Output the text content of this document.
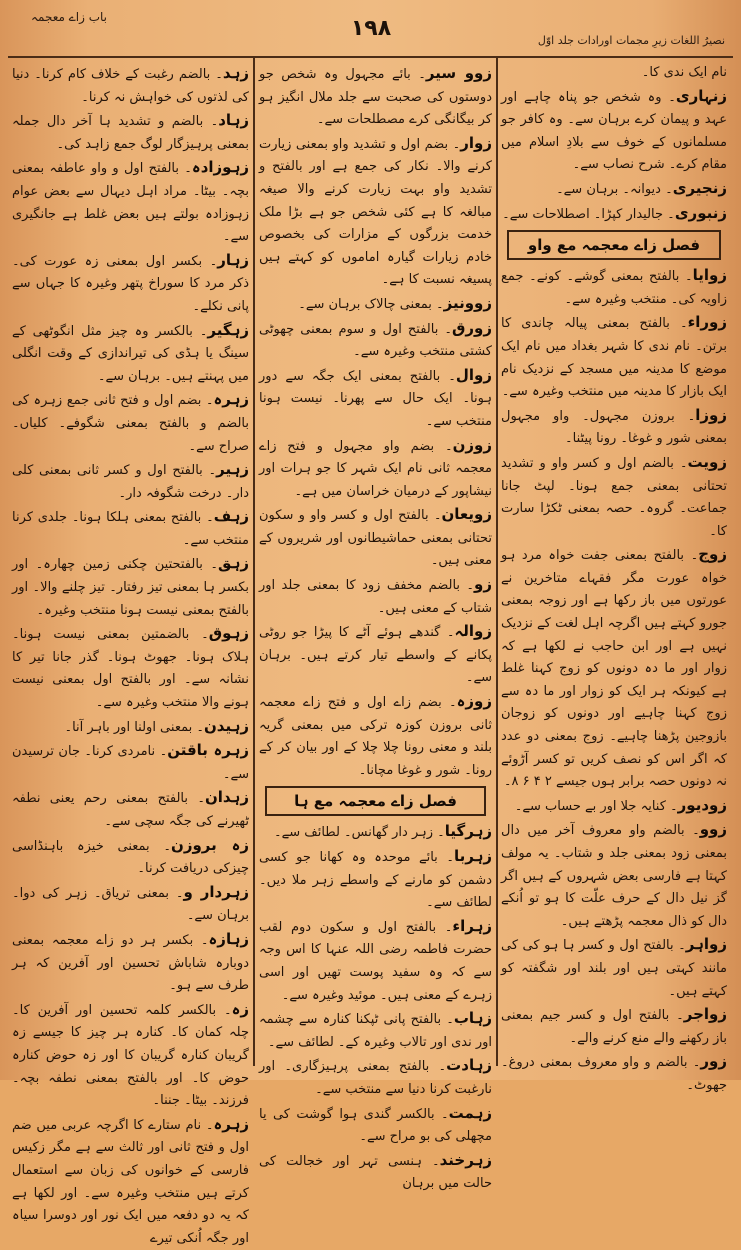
باب زاے معجمہ	۱۹۸	نصیرُ اللغات زیرِ مجمات اورادات جلد اوّل

نام ایک ندی کا۔

زنہاری۔ وہ شخص جو پناہ چاہے اور عہد و پیمان کرے برہان سے۔ وہ کافر جو مسلمانوں کے خوف سے بلادِ اسلام میں مقام کرے۔ شرح نصاب سے۔

زنجیری۔ دیوانہ۔ برہان سے۔

زنبوری۔ جالیدار کپڑا۔ اصطلاحات سے۔

فصل زاے معجمہ مع واو

زوایا۔ بالفتح بمعنی گوشے۔ کونے۔ جمع زاویہ کی۔ منتخب وغیرہ سے۔

زوراء۔ بالفتح بمعنی پیالہ چاندی کا برتن۔ نام ندی کا شہر بغداد میں نام ایک موضع کا مدینہ میں مسجد کے نزدیک نام ایک بازار کا مدینہ میں منتخب وغیرہ سے۔

زوزا۔ بروزن مجہول۔ واو مجہول بمعنی شور و غوغا۔ رونا پیٹنا۔

زویت۔ بالضم اول و کسر واو و تشدید تحتانی بمعنی جمع ہونا۔ لپٹ جانا جماعت۔ گروہ۔ حصہ بمعنی ٹکڑا سارت کا۔

زوج۔ بالفتح بمعنی جفت خواہ مرد ہو خواہ عورت مگر فقہاے متاخرین نے عورتوں میں باز رکھا ہے اور زوجہ بمعنی جورو کہتے ہیں اگرچہ اہل لغت کے نزدیک نہیں ہے اور ابن حاجب نے لکھا ہے کہ زوار اور ما دہ دونوں کو زوج کہنا غلط ہے کیونکہ ہر ایک کو زوار اور ما دہ سے زوج کہنا چاہیے اور دونوں کو زوجان بازوجین پڑھنا چاہیے۔ زوج بمعنی دو عدد کہ اگر اس کو نصف کریں تو کسر آڑوئے نہ دونوں حصہ برابر ہوں جیسے ۲ ۴ ۶ ۸۔

زودیور۔ کنایہ جلا اور بے حساب سے۔

زوو۔ بالضم واو معروف آخر میں دال بمعنی زود بمعنی جلد و شتاب۔ یہ مولف کہتا ہے فارسی بعض شہروں کے ہیں اگر گز نیل دال کے حرف علّت کا ہو تو اُنکے دال کو ذال معجمہ پڑھتے ہیں۔

زواہر۔ بالفتح اول و کسر ہا ہو کی کی مانند کہتی ہیں اور بلند اور شگفتہ کو کہتے ہیں۔

زواجر۔ بالفتح اول و کسر جیم بمعنی باز رکھنے والے منع کرنے والے۔

زور۔ بالضم و واو معروف بمعنی دروغ۔ جھوٹ۔

زوو سیر۔ بائے مجہول وہ شخص جو دوستوں کی صحبت سے جلد ملال انگیز ہو کر بیگانگی کرے مصطلحات سے۔

زوار۔ بضم اول و تشدید واو بمعنی زیارت کرنے والا۔ نکار کی جمع ہے اور بالفتح و تشدید واو بہت زیارت کرنے والا صیغہ مبالغہ کا ہے کئی شخص جو ہے بڑا ملک خدمت بزرگوں کے مزارات کی بخصوص خادم زیارات گیارہ اماموں کو کہتے ہیں پسیغہ نسبت کا ہے۔

زوونیز۔ بمعنی چالاک برہان سے۔

زورق۔ بالفتح اول و سوم بمعنی چھوٹی کشتی منتخب وغیرہ سے۔

زوال۔ بالفتح بمعنی ایک جگہ سے دور ہونا۔ ایک حال سے پھرنا۔ نیست ہونا منتخب سے۔

زوزن۔ بضم واو مجہول و فتح زاے معجمہ ثانی نام ایک شہر کا جو ہرات اور نیشاپور کے درمیان خراسان میں ہے۔

زویعان۔ بالفتح اول و کسر واو و سکون تحتانی بمعنی حماشیطانوں اور شریروں کے معنی ہیں۔

زو۔ بالضم مخفف زود کا بمعنی جلد اور شتاب کے معنی ہیں۔

زوالہ۔ گندھے ہوئے آٹے کا پیڑا جو روٹی پکانے کے واسطے تیار کرتے ہیں۔ برہان سے۔

زوزہ۔ بضم زاے اول و فتح زاے معجمہ ثانی بروزن کوزہ ترکی میں بمعنی گریہ بلند و معنی رونا چلا چلا کے اور بیان کر کے رونا۔ شور و غوغا مچانا۔

فصل زاے معجمہ مع ہا

زہرگیا۔ زہر دار گھانس۔ لطائف سے۔

زہربا۔ بائے موحدہ وہ کھانا جو کسی دشمن کو مارنے کے واسطے زہر ملا دیں۔ لطائف سے۔

زہراء۔ بالفتح اول و سکون دوم لقب حضرت فاطمہ رضی اللہ عنہا کا اس وجہ سے کہ وہ سفید پوست تھیں اور اسی زہرے کے معنی ہیں۔ موئید وغیرہ سے۔

زہاب۔ بالفتح پانی ٹپکنا کنارہ سے چشمہ اور ندی اور تالاب وغیرہ کے۔ لطائف سے۔

زہادت۔ بالفتح بمعنی پرہیزگاری۔ اور نارغبت کرنا دنیا سے منتخب سے۔

زہمت۔ بالکسر گندی ہوا گوشت کی یا مچھلی کی بو مراح سے۔

زہرخند۔ ہنسی تہر اور خجالت کی حالت میں برہان

زہد۔ بالضم رغبت کے خلاف کام کرنا۔ دنیا کی لذتوں کی خواہش نہ کرنا۔

زہاد۔ بالضم و تشدید ہا آخر دال جملہ بمعنی پرہیزگار لوگ جمع زاہد کی۔

زہوزادہ۔ بالفتح اول و واو عاطفہ بمعنی بچہ۔ بیٹا۔ مراد اہل دیہال سے بعض عوام زہوزادہ بولتے ہیں بعض غلط ہے جانگیری سے۔

زہار۔ بکسر اول بمعنی زہ عورت کی۔ ذکر مرد کا سوراخ پتھر وغیرہ کا جہاں سے پانی نکلے۔

زہگیر۔ بالکسر وہ چیز مثل انگوٹھی کے سینگ یا ہڈی کی تیراندازی کے وقت انگلی میں پہنتے ہیں۔ برہان سے۔

زہرہ۔ بضم اول و فتح ثانی جمع زہرہ کی بالضم و بالفتح بمعنی شگوفے۔ کلیاں۔ صراح سے۔

زہیر۔ بالفتح اول و کسر ثانی بمعنی کلی دار۔ درخت شگوفہ دار۔

زہف۔ بالفتح بمعنی ہلکا ہونا۔ جلدی کرنا منتخب سے۔

زہق۔ بالفتحتین چکنی زمین چھارہ۔ اور بکسر ہا بمعنی تیز رفتار۔ تیز چلنے والا۔ اور بالفتح بمعنی نیست ہونا منتخب وغیرہ۔

زہوق۔ بالضمتین بمعنی نیست ہونا۔ ہلاک ہونا۔ جھوٹ ہونا۔ گذر جانا تیر کا نشانہ سے۔ اور بالفتح اول بمعنی نیست ہونے والا منتخب وغیرہ سے۔

زہیدن۔ بمعنی اولنا اور باہر آنا۔

زہرہ باقتن۔ نامردی کرنا۔ جان ترسیدن سے۔

زہدان۔ بالفتح بمعنی رحم یعنی نطفہ ٹھیرنے کی جگہ سچی سے۔

زہ بروزن۔ بمعنی خیزہ باہنڈاسی چیزکی دریافت کرنا۔

زہردار و۔ بمعنی تریاق۔ زہر کی دوا۔ برہان سے۔

زہازہ۔ بکسر ہر دو زاے معجمہ بمعنی دوبارہ شاباش تحسین اور آفرین کہ ہر طرف سے ہو۔

زہ۔ بالکسر کلمہ تحسین اور آفرین کا۔ چلہ کمان کا۔ کنارہ ہر چیز کا جیسے زہ گریبان کنارہ گریبان کا اور زہ حوض کنارہ حوض کا۔ اور بالفتح بمعنی نطفہ بچہ۔ فرزند۔ بیٹا۔ جننا۔

زہرہ۔ نام ستارے کا اگرچہ عربی میں ضم اول و فتح ثانی اور ثالث سے ہے مگر زکیس فارسی کے خوانوں کی زبان سے استعمال کرتے ہیں منتخب وغیرہ سے۔ اور لکھا ہے کہ یہ دو دفعہ میں ایک نور اور دوسرا سیاہ اور جگہ اُنکی تیرے
